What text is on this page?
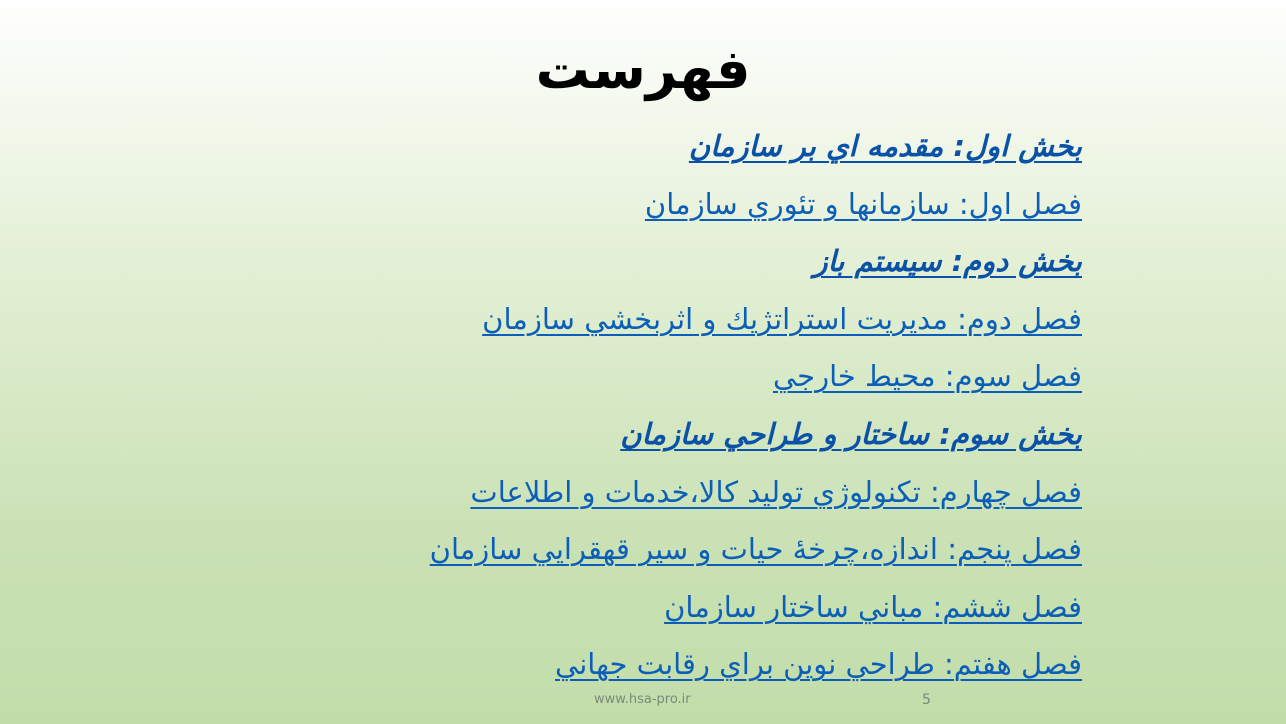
فهرست
بخش اول: مقدمه اي بر سازمان
فصل اول: سازمانها و تئوري سازمان
بخش دوم: سيستم باز
فصل دوم: مديريت استراتژيك و اثربخشي سازمان
فصل سوم: محيط خارجي
بخش سوم: ساختار و طراحي سازمان
فصل چهارم: تكنولوژي توليد كالا،خدمات و اطلاعات
فصل پنجم: اندازه،چرخۀ حيات و سير قهقرايي سازمان
فصل ششم: مباني ساختار سازمان
فصل هفتم: طراحي نوين براي رقابت جهاني
www.hsa-pro.ir	5
